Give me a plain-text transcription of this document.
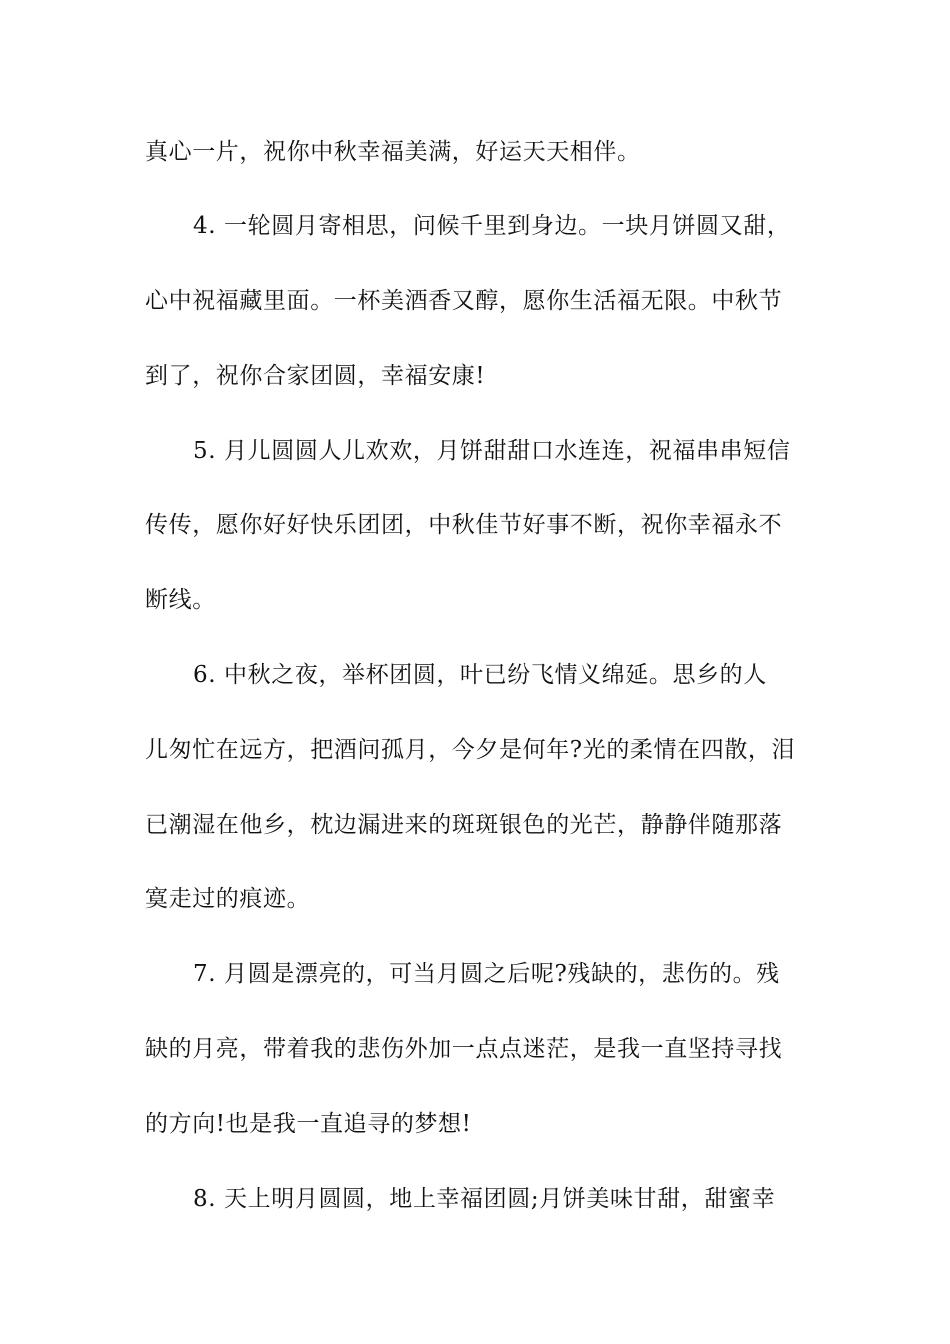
真心一片，祝你中秋幸福美满，好运天天相伴。
4. 一轮圆月寄相思，问候千里到身边。一块月饼圆又甜，
心中祝福藏里面。一杯美酒香又醇，愿你生活福无限。中秋节
到了，祝你合家团圆，幸福安康!
5. 月儿圆圆人儿欢欢，月饼甜甜口水连连，祝福串串短信
传传，愿你好好快乐团团，中秋佳节好事不断，祝你幸福永不
断线。
6. 中秋之夜，举杯团圆，叶已纷飞情义绵延。思乡的人
儿匆忙在远方，把酒问孤月，今夕是何年?光的柔情在四散，泪
已潮湿在他乡，枕边漏进来的斑斑银色的光芒，静静伴随那落
寞走过的痕迹。
7. 月圆是漂亮的，可当月圆之后呢?残缺的，悲伤的。残
缺的月亮，带着我的悲伤外加一点点迷茫，是我一直坚持寻找
的方向!也是我一直追寻的梦想!
8. 天上明月圆圆，地上幸福团圆;月饼美味甘甜，甜蜜幸
